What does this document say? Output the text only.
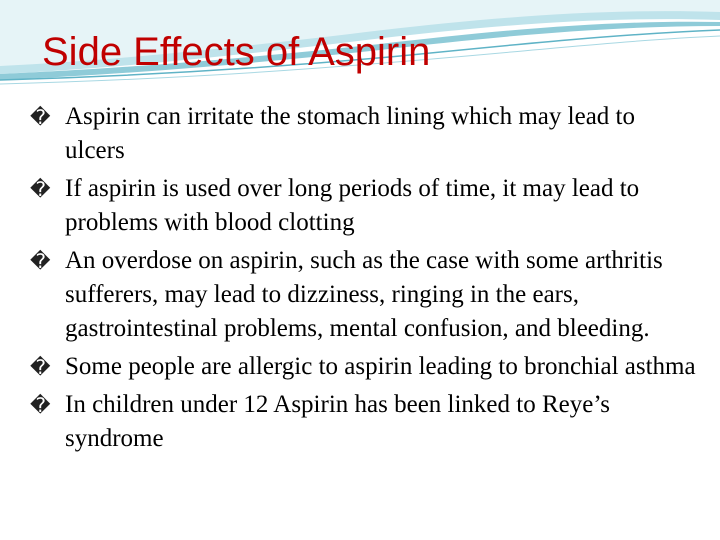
Side Effects of Aspirin
� Aspirin can irritate the stomach lining which may lead to ulcers
� If aspirin is used over long periods of time, it may lead to problems with blood clotting
� An overdose on aspirin, such as the case with some arthritis sufferers, may lead to dizziness, ringing in the ears, gastrointestinal problems, mental confusion, and bleeding.
� Some people are allergic to aspirin leading to bronchial asthma
� In children under 12 Aspirin has been linked to Reye’s syndrome
